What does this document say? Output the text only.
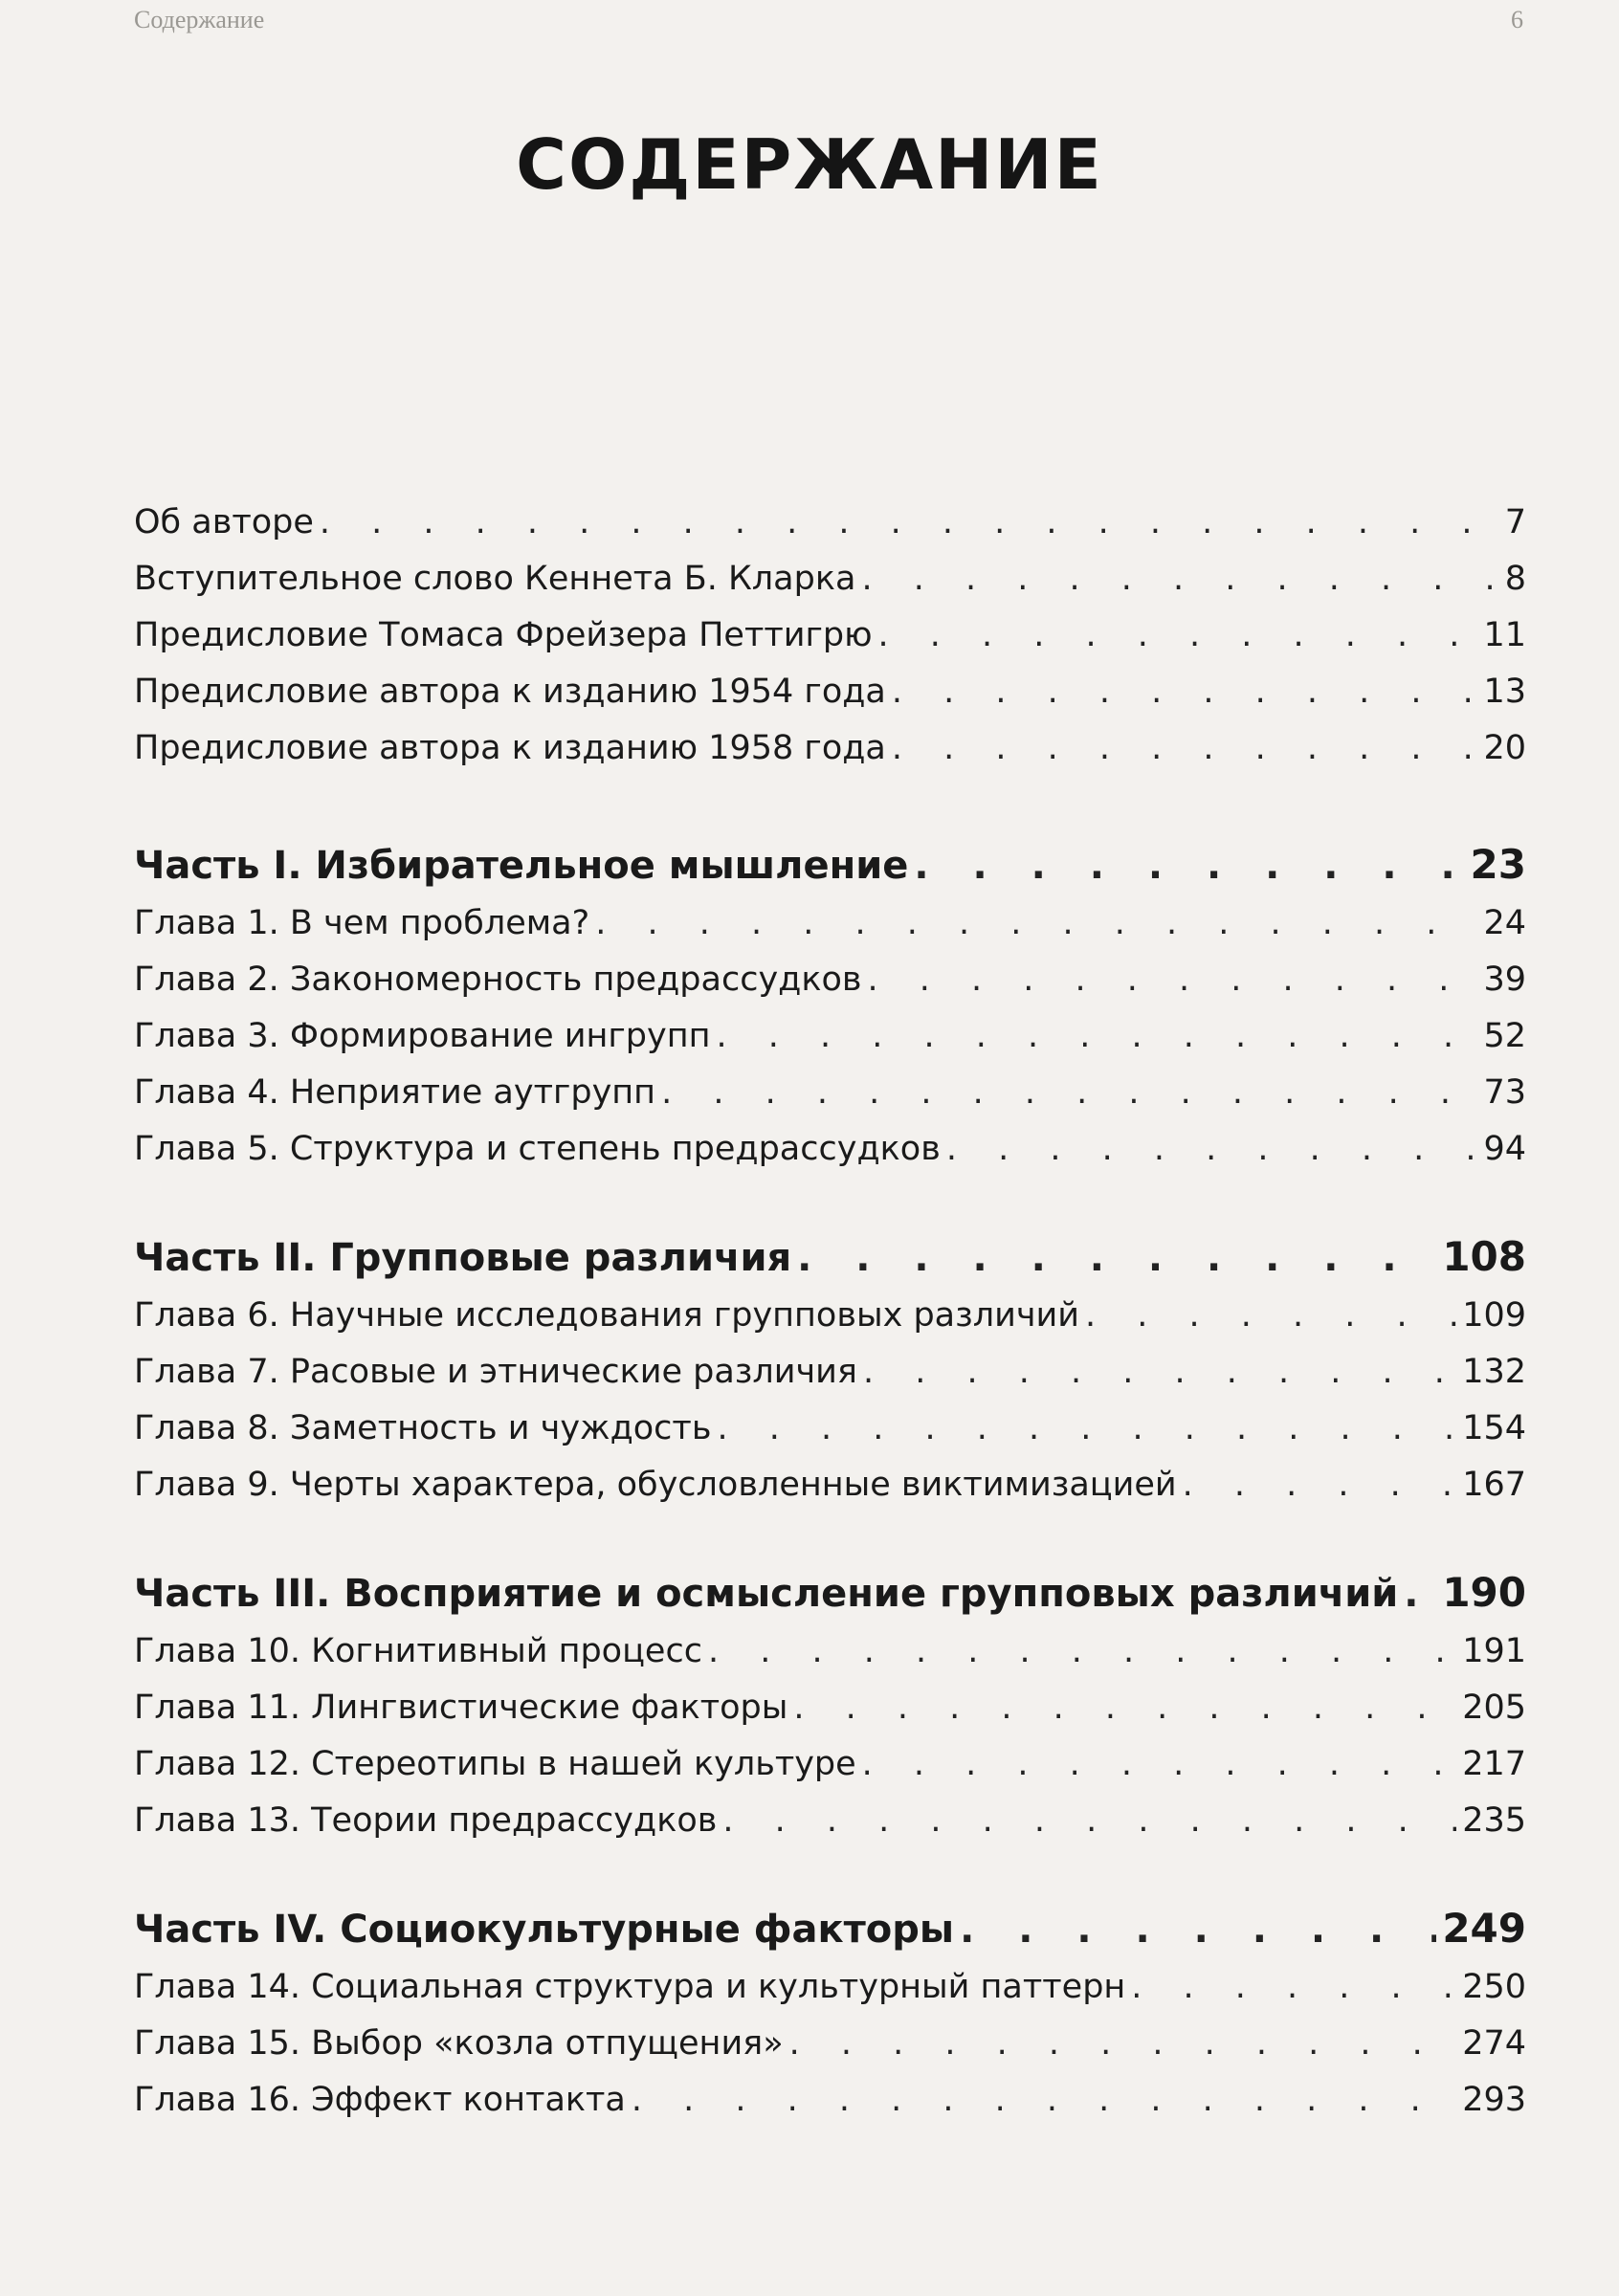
Содержание	6
СОДЕРЖАНИЕ
Об авторе . . .	7
Вступительное слово Кеннета Б. Кларка . . .	8
Предисловие Томаса Фрейзера Петтигрю . . .	11
Предисловие автора к изданию 1954 года . . .	13
Предисловие автора к изданию 1958 года . . .	20
Часть I. Избирательное мышление . . .	23
Глава 1. В чем проблема? . . .	24
Глава 2. Закономерность предрассудков . . .	39
Глава 3. Формирование ингрупп . . .	52
Глава 4. Неприятие аутгрупп . . .	73
Глава 5. Структура и степень предрассудков . . .	94
Часть II. Групповые различия . . .	108
Глава 6. Научные исследования групповых различий . . .	109
Глава 7. Расовые и этнические различия . . .	132
Глава 8. Заметность и чуждость . . .	154
Глава 9. Черты характера, обусловленные виктимизацией . . .	167
Часть III. Восприятие и осмысление групповых различий . . . 190
Глава 10. Когнитивный процесс . . .	191
Глава 11. Лингвистические факторы . . .	205
Глава 12. Стереотипы в нашей культуре . . .	217
Глава 13. Теории предрассудков . . .	235
Часть IV. Социокультурные факторы . . .	249
Глава 14. Социальная структура и культурный паттерн . . .	250
Глава 15. Выбор «козла отпущения» . . .	274
Глава 16. Эффект контакта . . .	293
